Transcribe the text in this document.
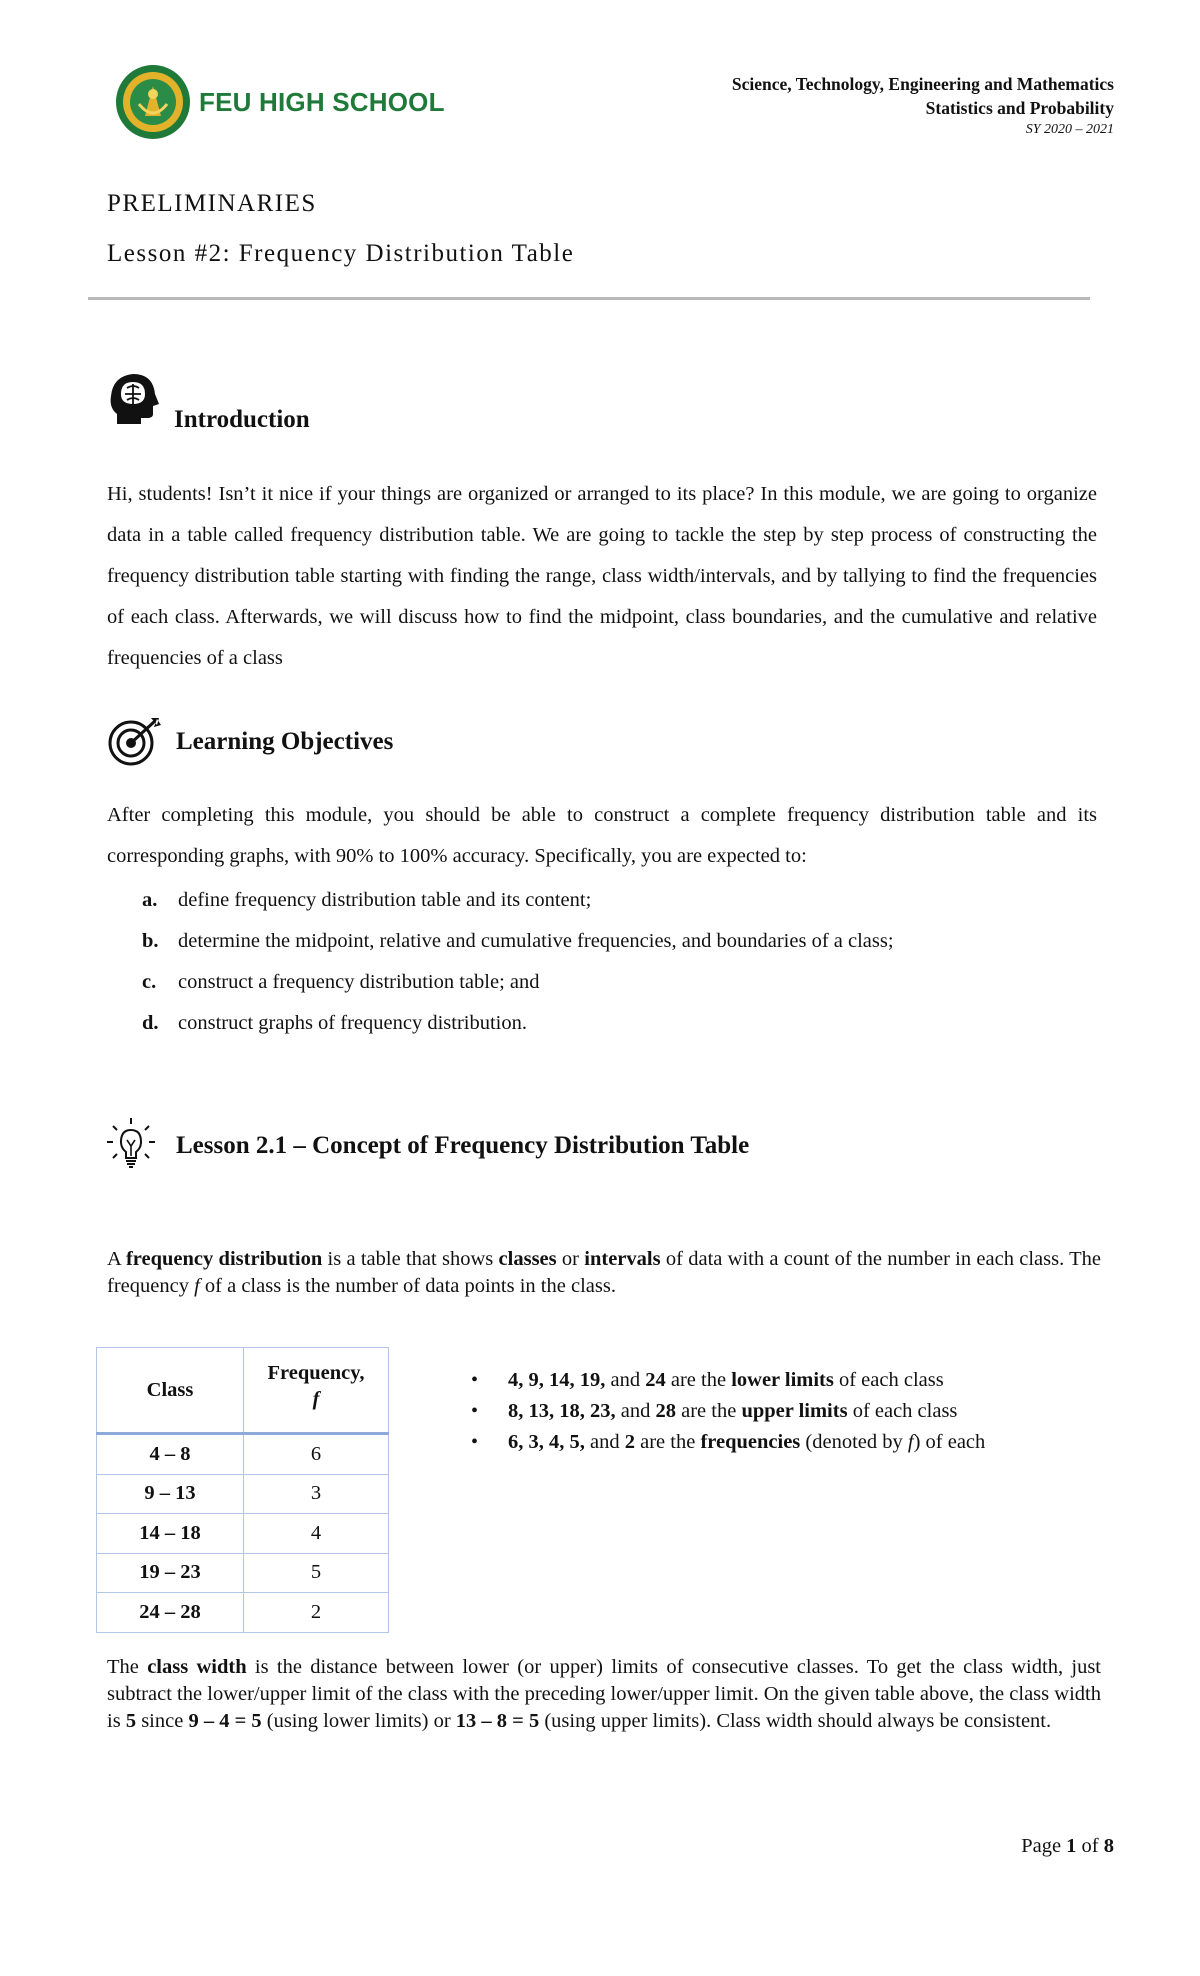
FEU HIGH SCHOOL
Science, Technology, Engineering and Mathematics
Statistics and Probability
SY 2020 – 2021
PRELIMINARIES
Lesson #2: Frequency Distribution Table
Introduction
Hi, students! Isn’t it nice if your things are organized or arranged to its place? In this module, we are going to organize data in a table called frequency distribution table. We are going to tackle the step by step process of constructing the frequency distribution table starting with finding the range, class width/intervals, and by tallying to find the frequencies of each class. Afterwards, we will discuss how to find the midpoint, class boundaries, and the cumulative and relative frequencies of a class
Learning Objectives
After completing this module, you should be able to construct a complete frequency distribution table and its corresponding graphs, with 90% to 100% accuracy. Specifically, you are expected to:
a.	define frequency distribution table and its content;
b. determine the midpoint, relative and cumulative frequencies, and boundaries of a class;
c.	construct a frequency distribution table; and
d. construct graphs of frequency distribution.
Lesson 2.1 – Concept of Frequency Distribution Table
A frequency distribution is a table that shows classes or intervals of data with a count of the number in each class. The frequency f of a class is the number of data points in the class.
Class	Frequency,
f
4 – 8	6
9 – 13	3
14 – 18	4
19 – 23	5
24 – 28	2
• 4, 9, 14, 19, and 24 are the lower limits of each class
• 8, 13, 18, 23, and 28 are the upper limits of each class
• 6, 3, 4, 5, and 2 are the frequencies (denoted by f) of each
The class width is the distance between lower (or upper) limits of consecutive classes. To get the class width, just subtract the lower/upper limit of the class with the preceding lower/upper limit. On the given table above, the class width is 5 since 9 – 4 = 5 (using lower limits) or 13 – 8 = 5 (using upper limits). Class width should always be consistent.
Page 1 of 8
